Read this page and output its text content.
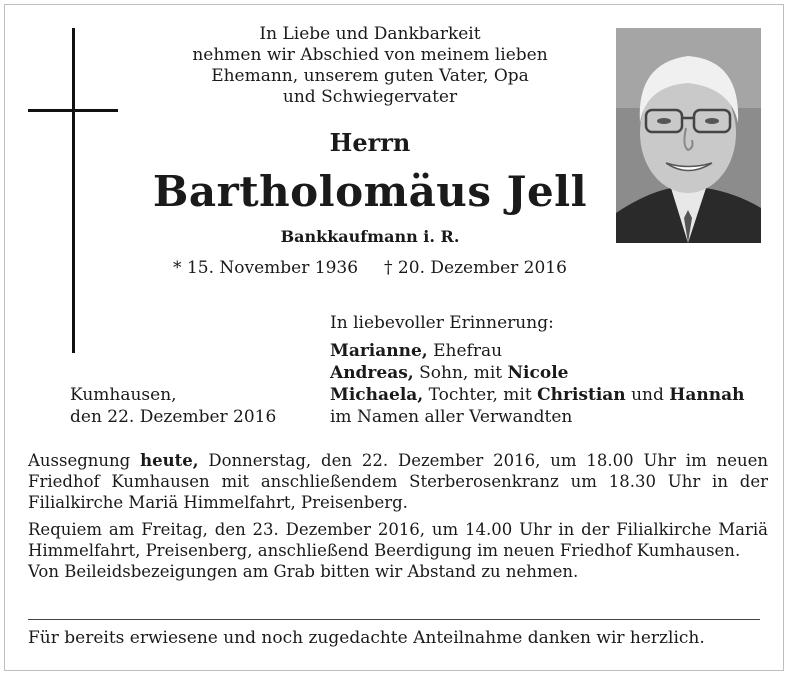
In Liebe und Dankbarkeit
nehmen wir Abschied von meinem lieben
Ehemann, unserem guten Vater, Opa
und Schwiegervater
Herrn
Bartholomäus Jell
Bankkaufmann i. R.
* 15. November 1936 † 20. Dezember 2016
In liebevoller Erinnerung:
Marianne, Ehefrau
Andreas, Sohn, mit Nicole
Michaela, Tochter, mit Christian und Hannah
im Namen aller Verwandten
Kumhausen,
den 22. Dezember 2016

Aussegnung heute, Donnerstag, den 22. Dezember 2016, um 18.00 Uhr im neuen Friedhof Kumhausen mit anschließendem Sterberosenkranz um 18.30 Uhr in der Filialkirche Mariä Himmelfahrt, Preisenberg.

Requiem am Freitag, den 23. Dezember 2016, um 14.00 Uhr in der Filialkirche Mariä Himmelfahrt, Preisenberg, anschließend Beerdigung im neuen Friedhof Kumhausen.
Von Beileidsbezeigungen am Grab bitten wir Abstand zu nehmen.

Für bereits erwiesene und noch zugedachte Anteilnahme danken wir herzlich.
